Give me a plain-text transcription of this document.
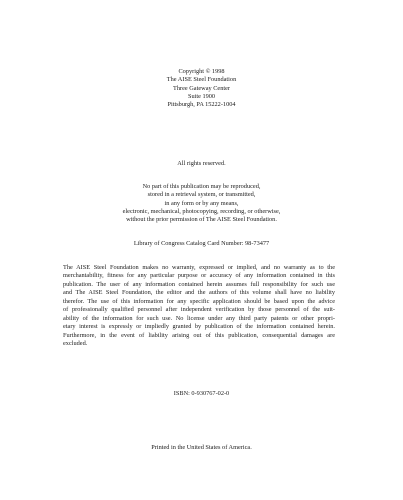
Copyright © 1998
The AISE Steel Foundation
Three Gateway Center
Suite 1900
Pittsburgh, PA 15222-1004
All rights reserved.
No part of this publication may be reproduced,
stored in a retrieval system, or transmitted,
in any form or by any means,
electronic, mechanical, photocopying, recording, or otherwise,
without the prior permission of The AISE Steel Foundation.
Library of Congress Catalog Card Number: 98-73477
The AISE Steel Foundation makes no warranty, expressed or implied, and no warranty as to the
merchantability, fitness for any particular purpose or accuracy of any information contained in this
publication. The user of any information contained herein assumes full responsibility for such use
and The AISE Steel Foundation, the editor and the authors of this volume shall have no liability
therefor. The use of this information for any specific application should be based upon the advice
of professionally qualified personnel after independent verification by those personnel of the suit-
ability of the information for such use. No license under any third party patents or other propri-
etary interest is expressly or impliedly granted by publication of the information contained herein.
Furthermore, in the event of liability arising out of this publication, consequential damages are
excluded.
ISBN: 0-930767-02-0
Printed in the United States of America.
